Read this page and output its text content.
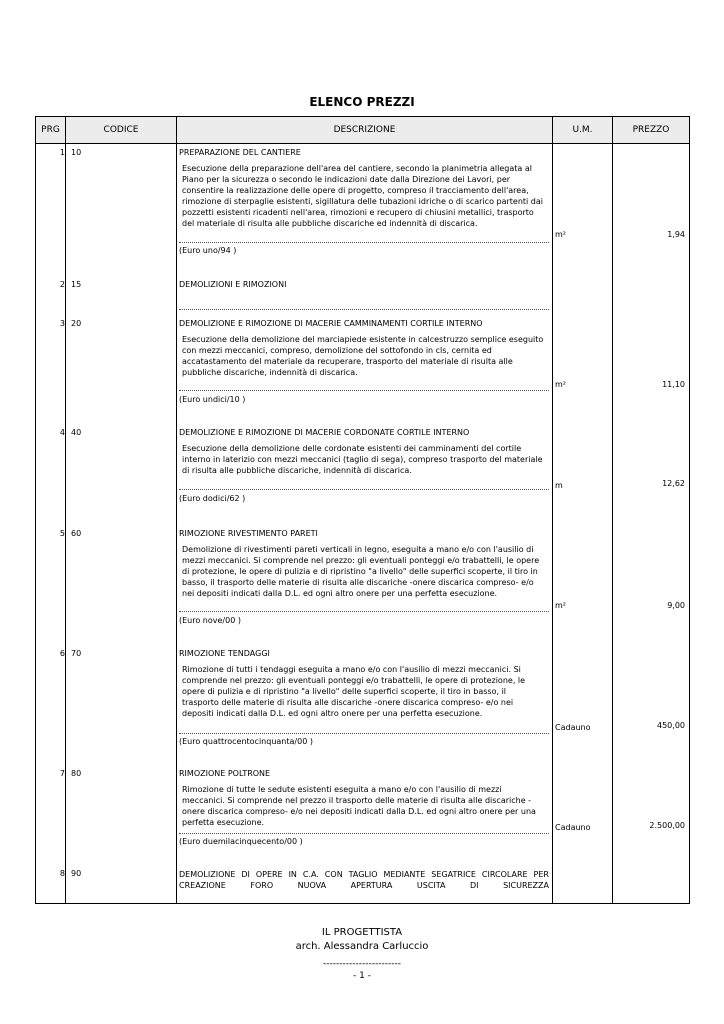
ELENCO PREZZI
PRG	CODICE	DESCRIZIONE	U.M.	PREZZO
1 10	PREPARAZIONE DEL CANTIERE
Esecuzione della preparazione dell'area del cantiere, secondo la planimetria allegata al Piano per la sicurezza o secondo le indicazioni date dalla Direzione dei Lavori, per consentire la realizzazione delle opere di progetto, compreso il tracciamento dell'area, rimozione di sterpaglie esistenti, sigillatura delle tubazioni idriche o di scarico partenti dai pozzetti esistenti ricadenti nell'area, rimozioni e recupero di chiusini metallici, trasporto del materiale di risulta alle pubbliche discariche ed indennità di discarica.
(Euro uno/94 )
m²	1,94
2 15	DEMOLIZIONI E RIMOZIONI
3 20	DEMOLIZIONE E RIMOZIONE DI MACERIE CAMMINAMENTI CORTILE INTERNO
Esecuzione della demolizione del marciapiede esistente in calcestruzzo semplice eseguito con mezzi meccanici, compreso, demolizione del sottofondo in cls, cernita ed accatastamento del materiale da recuperare, trasporto del materiale di risulta alle pubbliche discariche, indennità di discarica.
(Euro undici/10 )
m²	11,10
4 40	DEMOLIZIONE E RIMOZIONE DI MACERIE CORDONATE CORTILE INTERNO
Esecuzione della demolizione delle cordonate esistenti dei camminamenti del cortile interno in laterizio con mezzi meccanici (taglio di sega), compreso trasporto del materiale di risulta alle pubbliche discariche, indennità di discarica.
(Euro dodici/62 )
m	12,62
5 60	RIMOZIONE RIVESTIMENTO PARETI
Demolizione di rivestimenti pareti verticali in legno, eseguita a mano e/o con l'ausilio di mezzi meccanici. Si comprende nel prezzo: gli eventuali ponteggi e/o trabattelli, le opere di protezione, le opere di pulizia e di ripristino "a livello" delle superfici scoperte, il tiro in basso, il trasporto delle materie di risulta alle discariche -onere discarica compreso- e/o nei depositi indicati dalla D.L. ed ogni altro onere per una perfetta esecuzione.
(Euro nove/00 )
m²	9,00
6 70	RIMOZIONE TENDAGGI
Rimozione di tutti i tendaggi eseguita a mano e/o con l'ausilio di mezzi meccanici. Si comprende nel prezzo: gli eventuali ponteggi e/o trabattelli, le opere di protezione, le opere di pulizia e di ripristino "a livello" delle superfici scoperte, il tiro in basso, il trasporto delle materie di risulta alle discariche -onere discarica compreso- e/o nei depositi indicati dalla D.L. ed ogni altro onere per una perfetta esecuzione.
(Euro quattrocentocinquanta/00 )
Cadauno	450,00
7 80	RIMOZIONE POLTRONE
Rimozione di tutte le sedute esistenti eseguita a mano e/o con l'ausilio di mezzi meccanici. Si comprende nel prezzo il trasporto delle materie di risulta alle discariche -onere discarica compreso- e/o nei depositi indicati dalla D.L. ed ogni altro onere per una perfetta esecuzione.
(Euro duemilacinquecento/00 )
Cadauno	2.500,00
8 90	DEMOLIZIONE DI OPERE IN C.A. CON TAGLIO MEDIANTE SEGATRICE CIRCOLARE PER CREAZIONE FORO NUOVA APERTURA USCITA DI SICUREZZA
IL PROGETTISTA
arch. Alessandra Carluccio
------------------------
- 1 -
